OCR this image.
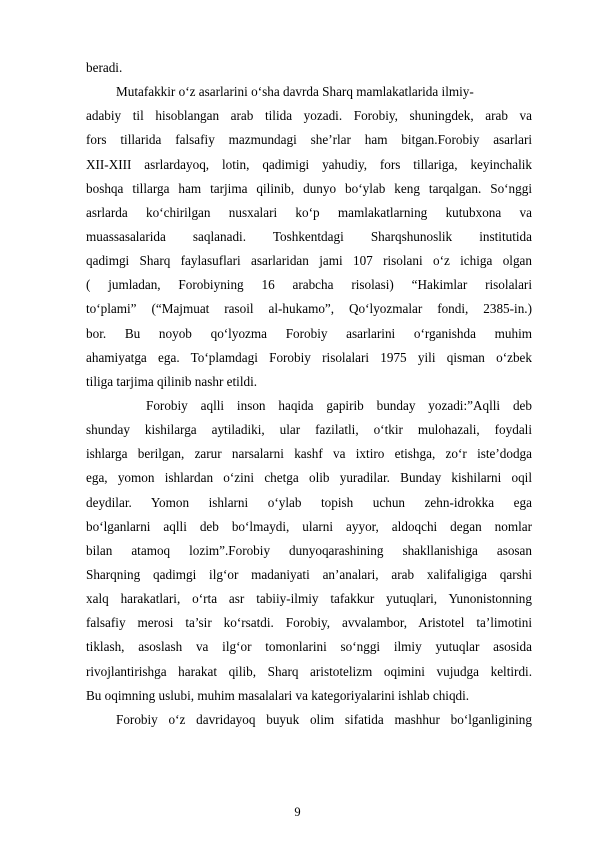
beradi.
Mutafakkir o‘z asarlarini o‘sha davrda Sharq mamlakatlarida ilmiy-
adabiy til hisoblangan arab tilida yozadi. Forobiy, shuningdek, arab va
fors tillarida falsafiy mazmundagi she’rlar ham bitgan.Forobiy asarlari
XII-XIII asrlardayoq, lotin, qadimigi yahudiy, fors tillariga, keyinchalik
boshqa tillarga ham tarjima qilinib, dunyo bo‘ylab keng tarqalgan. So‘nggi
asrlarda ko‘chirilgan nusxalari ko‘p mamlakatlarning kutubxona va
muassasalarida saqlanadi. Toshkentdagi Sharqshunoslik institutida
qadimgi Sharq faylasuflari asarlaridan jami 107 risolani o‘z ichiga olgan
( jumladan, Forobiyning 16 arabcha risolasi) “Hakimlar risolalari
to‘plami” (“Majmuat rasoil al-hukamo”, Qo‘lyozmalar fondi, 2385-in.)
bor. Bu noyob qo‘lyozma Forobiy asarlarini o‘rganishda muhim
ahamiyatga ega. To‘plamdagi Forobiy risolalari 1975 yili qisman o‘zbek
tiliga tarjima qilinib nashr etildi.
Forobiy aqlli inson haqida gapirib bunday yozadi:”Aqlli deb
shunday kishilarga aytiladiki, ular fazilatli, o‘tkir mulohazali, foydali
ishlarga berilgan, zarur narsalarni kashf va ixtiro etishga, zo‘r iste’dodga
ega, yomon ishlardan o‘zini chetga olib yuradilar. Bunday kishilarni oqil
deydilar. Yomon ishlarni o‘ylab topish uchun zehn-idrokka ega
bo‘lganlarni aqlli deb bo‘lmaydi, ularni ayyor, aldoqchi degan nomlar
bilan atamoq lozim”.Forobiy dunyoqarashining shakllanishiga asosan
Sharqning qadimgi ilg‘or madaniyati an’analari, arab xalifaligiga qarshi
xalq harakatlari, o‘rta asr tabiiy-ilmiy tafakkur yutuqlari, Yunonistonning
falsafiy merosi ta’sir ko‘rsatdi. Forobiy, avvalambor, Aristotel ta’limotini
tiklash, asoslash va ilg‘or tomonlarini so‘nggi ilmiy yutuqlar asosida
rivojlantirishga harakat qilib, Sharq aristotelizm oqimini vujudga keltirdi.
Bu oqimning uslubi, muhim masalalari va kategoriyalarini ishlab chiqdi.
Forobiy o‘z davridayoq buyuk olim sifatida mashhur bo‘lganligining
9
